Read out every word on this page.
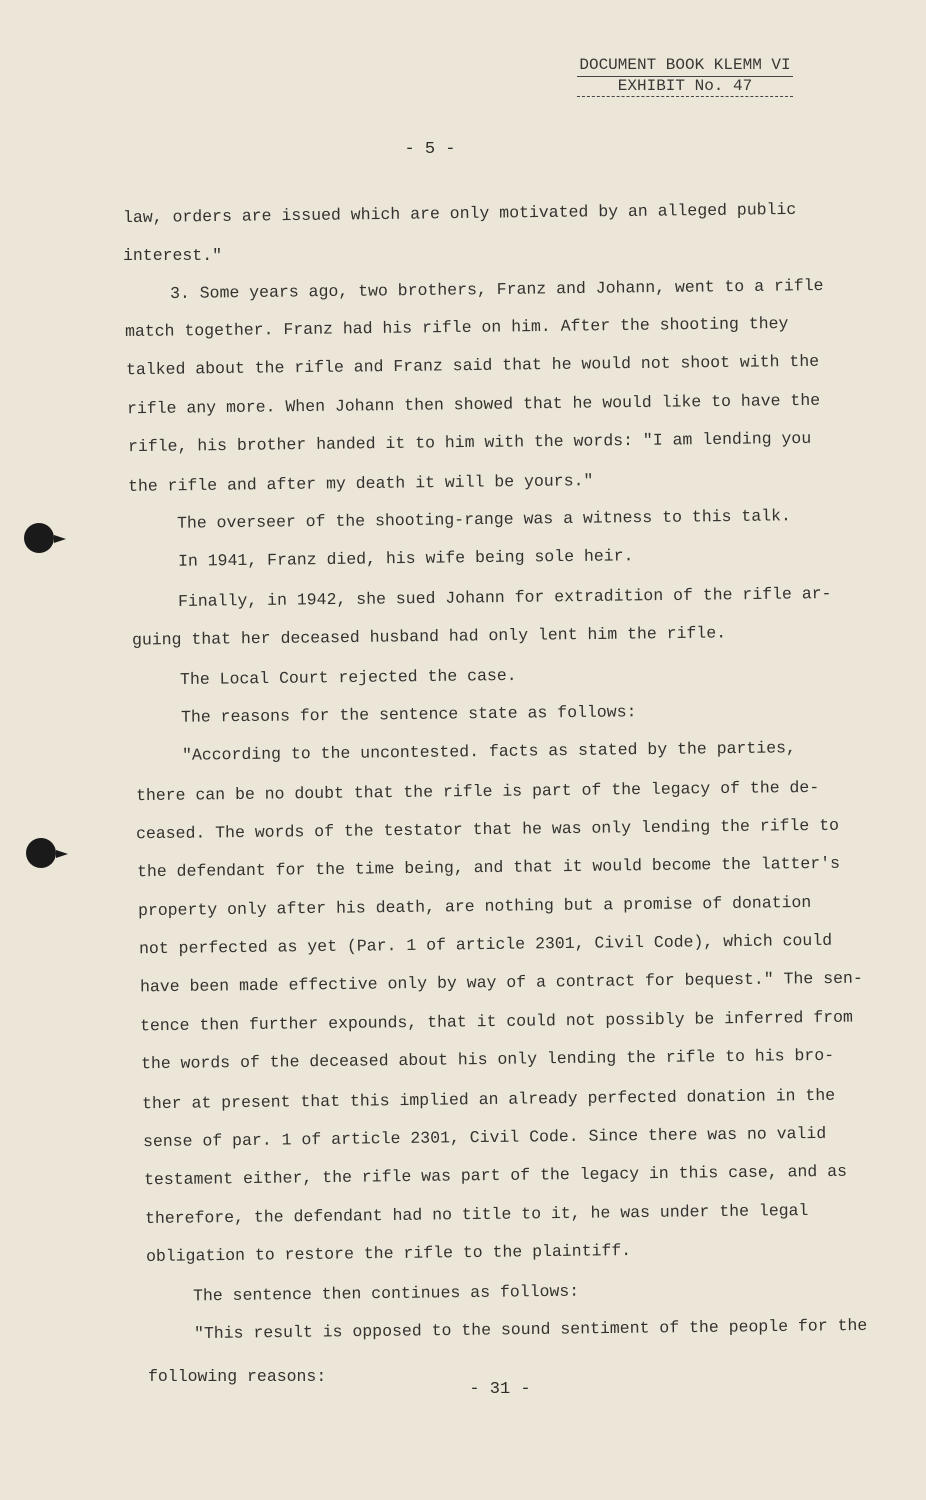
DOCUMENT BOOK KLEMM VI
EXHIBIT No. 47
- 5 -
law, orders are issued which are only motivated by an alleged public
interest."
3. Some years ago, two brothers, Franz and Johann, went to a rifle
match together. Franz had his rifle on him. After the shooting they
talked about the rifle and Franz said that he would not shoot with the
rifle any more. When Johann then showed that he would like to have the
rifle, his brother handed it to him with the words: "I am lending you
the rifle and after my death it will be yours."
The overseer of the shooting-range was a witness to this talk.
In 1941, Franz died, his wife being sole heir.
Finally, in 1942, she sued Johann for extradition of the rifle ar-
guing that her deceased husband had only lent him the rifle.
The Local Court rejected the case.
The reasons for the sentence state as follows:
"According to the uncontested. facts as stated by the parties,
there can be no doubt that the rifle is part of the legacy of the de-
ceased. The words of the testator that he was only lending the rifle to
the defendant for the time being, and that it would become the latter's
property only after his death, are nothing but a promise of donation
not perfected as yet (Par. 1 of article 2301, Civil Code), which could
have been made effective only by way of a contract for bequest." The sen-
tence then further expounds, that it could not possibly be inferred from
the words of the deceased about his only lending the rifle to his bro-
ther at present that this implied an already perfected donation in the
sense of par. 1 of article 2301, Civil Code. Since there was no valid
testament either, the rifle was part of the legacy in this case, and as
therefore, the defendant had no title to it, he was under the legal
obligation to restore the rifle to the plaintiff.
The sentence then continues as follows:
"This result is opposed to the sound sentiment of the people for the
following reasons:
- 31 -
